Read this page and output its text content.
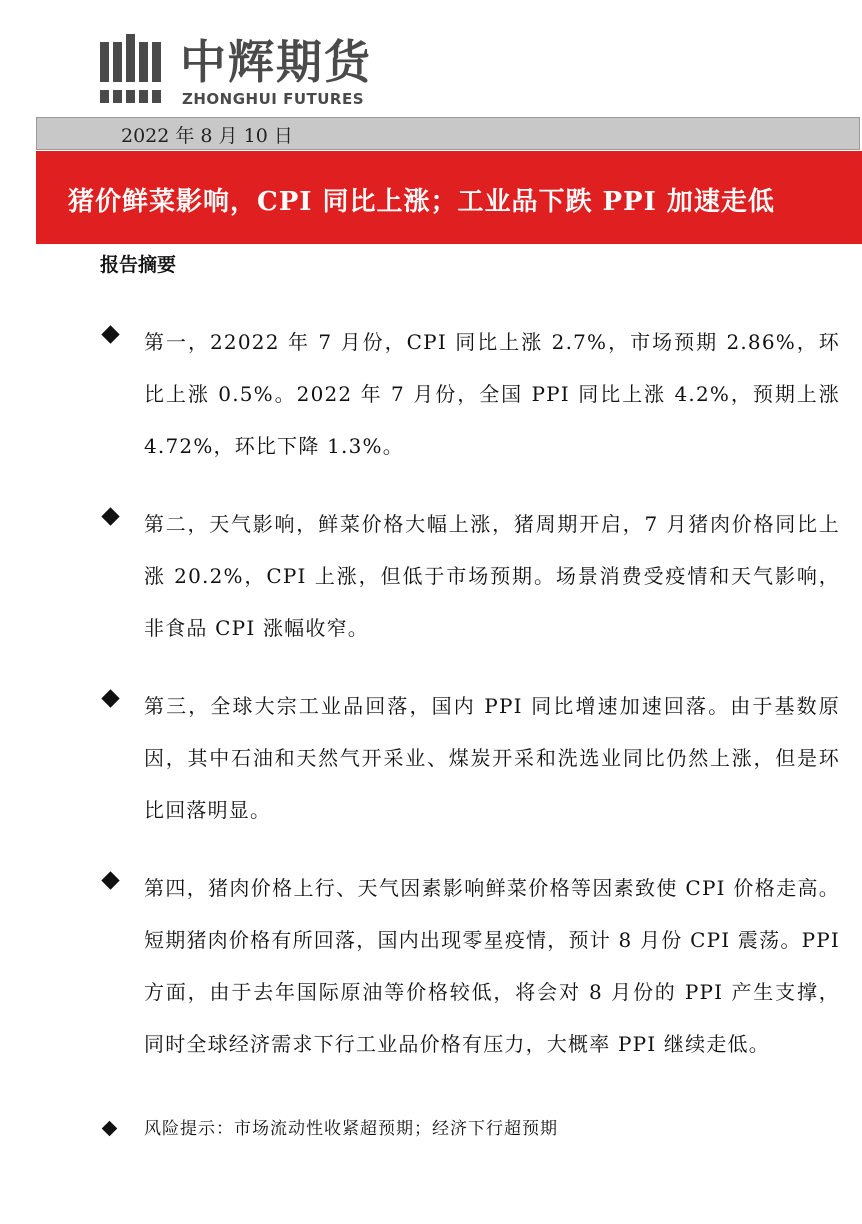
中辉期货
ZHONGHUI FUTURES
2022 年 8 月 10 日
猪价鲜菜影响，CPI 同比上涨；工业品下跌 PPI 加速走低
报告摘要
第一，22022 年 7 月份，CPI 同比上涨 2.7%，市场预期 2.86%，环比上涨 0.5%。2022 年 7 月份，全国 PPI 同比上涨 4.2%，预期上涨 4.72%，环比下降 1.3%。
第二，天气影响，鲜菜价格大幅上涨，猪周期开启，7 月猪肉价格同比上涨 20.2%，CPI 上涨，但低于市场预期。场景消费受疫情和天气影响，非食品 CPI 涨幅收窄。
第三，全球大宗工业品回落，国内 PPI 同比增速加速回落。由于基数原因，其中石油和天然气开采业、煤炭开采和洗选业同比仍然上涨，但是环比回落明显。
第四，猪肉价格上行、天气因素影响鲜菜价格等因素致使 CPI 价格走高。短期猪肉价格有所回落，国内出现零星疫情，预计 8 月份 CPI 震荡。PPI 方面，由于去年国际原油等价格较低，将会对 8 月份的 PPI 产生支撑，同时全球经济需求下行工业品价格有压力，大概率 PPI 继续走低。
风险提示：市场流动性收紧超预期；经济下行超预期
